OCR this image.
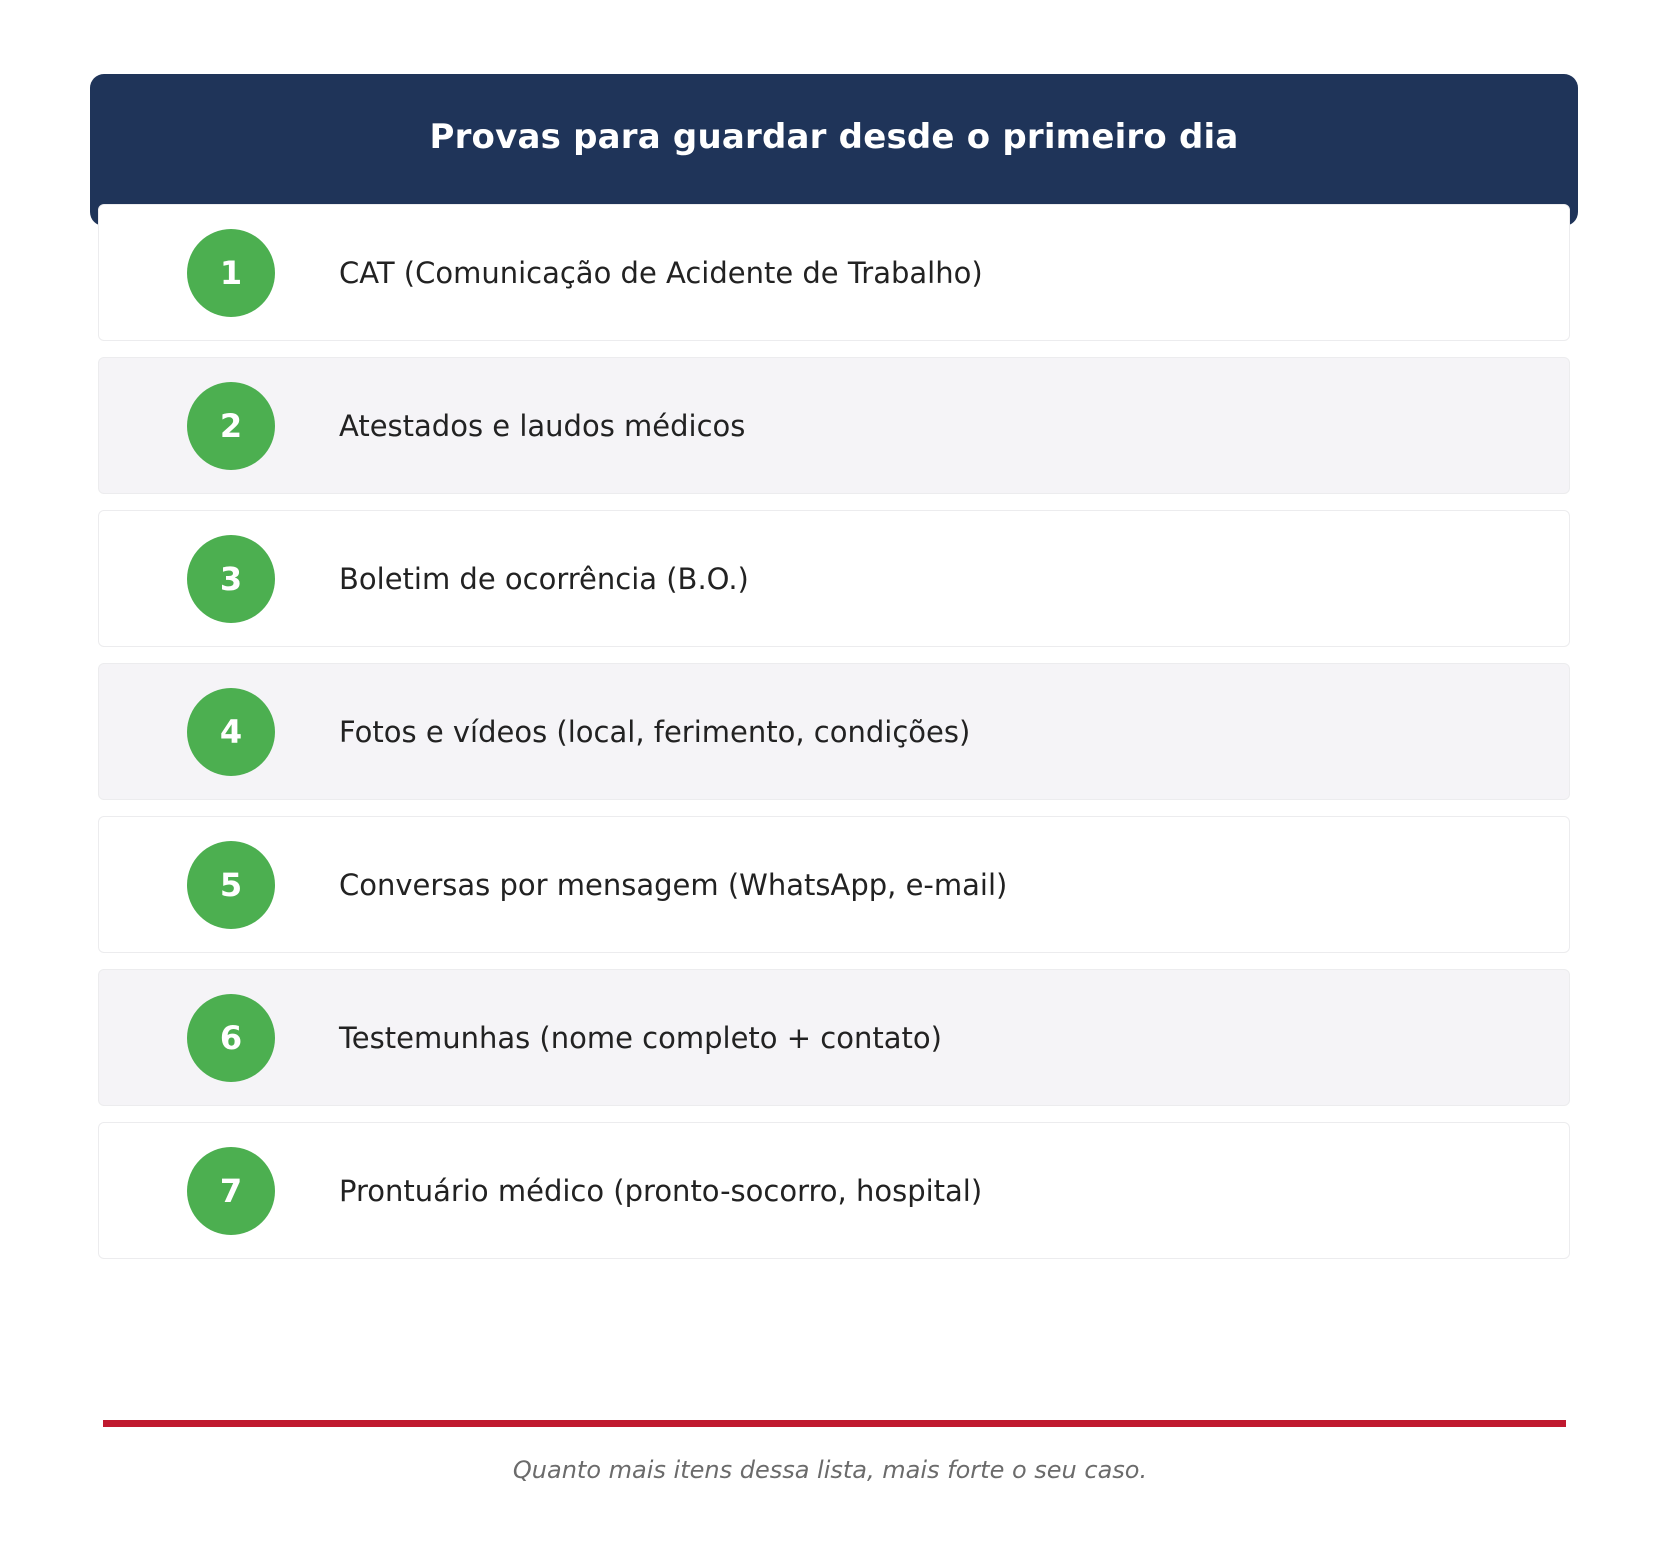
Provas para guardar desde o primeiro dia
1	CAT (Comunicação de Acidente de Trabalho)
2	Atestados e laudos médicos
3	Boletim de ocorrência (B.O.)
4	Fotos e vídeos (local, ferimento, condições)
5	Conversas por mensagem (WhatsApp, e-mail)
6	Testemunhas (nome completo + contato)
7	Prontuário médico (pronto-socorro, hospital)
Quanto mais itens dessa lista, mais forte o seu caso.
